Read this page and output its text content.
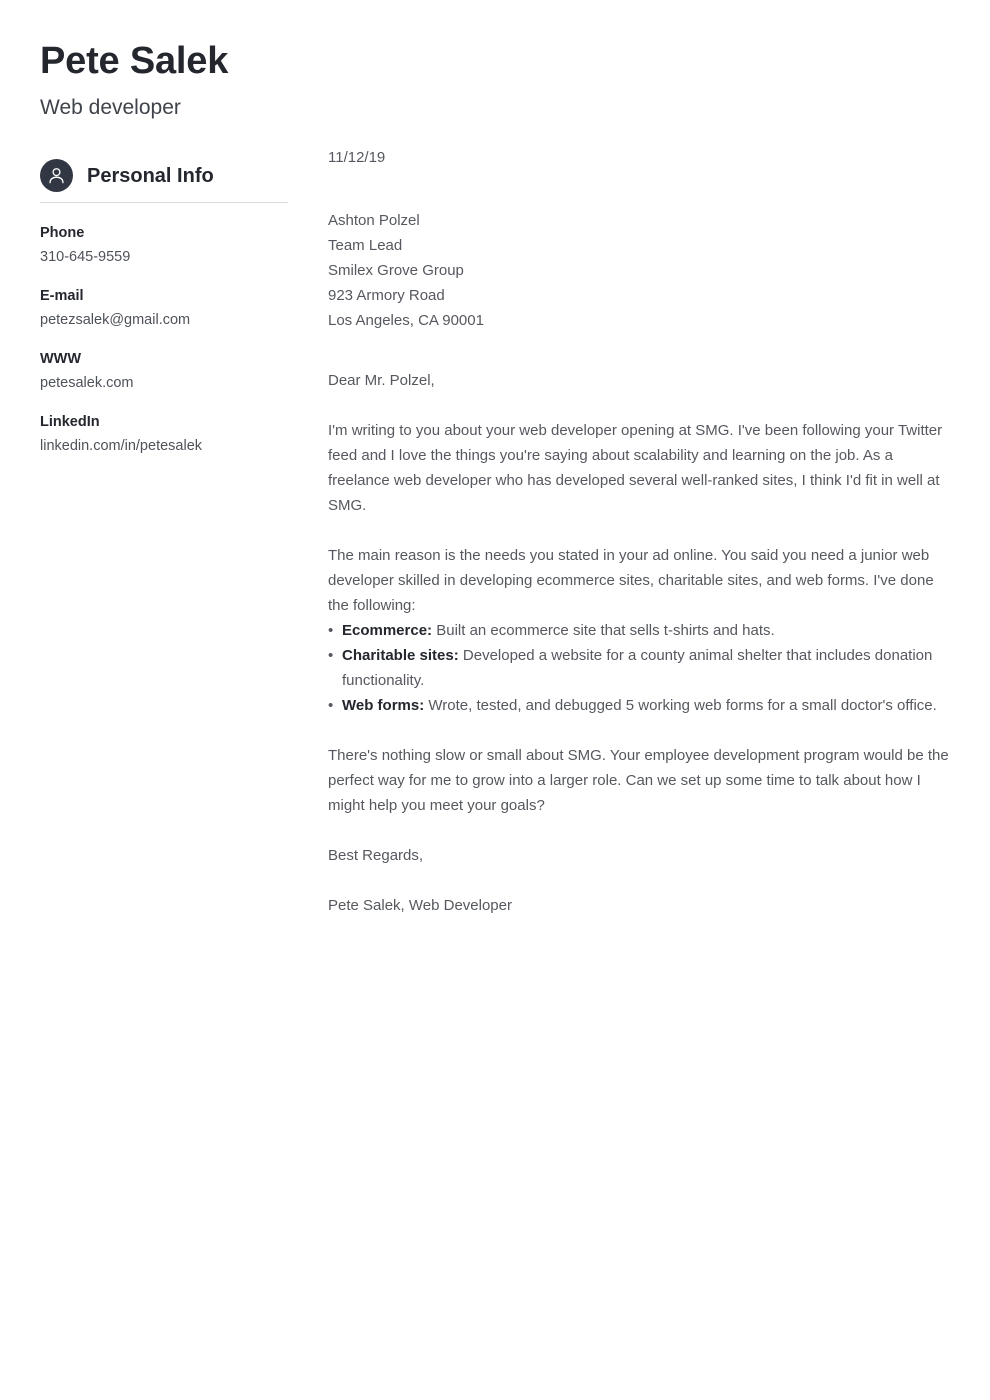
Pete Salek

Web developer

Personal Info

Phone

310-645-9559

E-mail

petezsalek@gmail.com

WWW

petesalek.com

LinkedIn

linkedin.com/in/petesalek

11/12/19

Ashton Polzel
Team Lead
Smilex Grove Group
923 Armory Road
Los Angeles, CA 90001

Dear Mr. Polzel,

I'm writing to you about your web developer opening at SMG. I've been following your Twitter feed and I love the things you're saying about scalability and learning on the job. As a freelance web developer who has developed several well-ranked sites, I think I'd fit in well at SMG.

The main reason is the needs you stated in your ad online. You said you need a junior web developer skilled in developing ecommerce sites, charitable sites, and web forms. I've done the following:

• Ecommerce: Built an ecommerce site that sells t-shirts and hats.
• Charitable sites: Developed a website for a county animal shelter that includes donation functionality.
• Web forms: Wrote, tested, and debugged 5 working web forms for a small doctor's office.

There's nothing slow or small about SMG. Your employee development program would be the perfect way for me to grow into a larger role. Can we set up some time to talk about how I might help you meet your goals?

Best Regards,

Pete Salek, Web Developer
